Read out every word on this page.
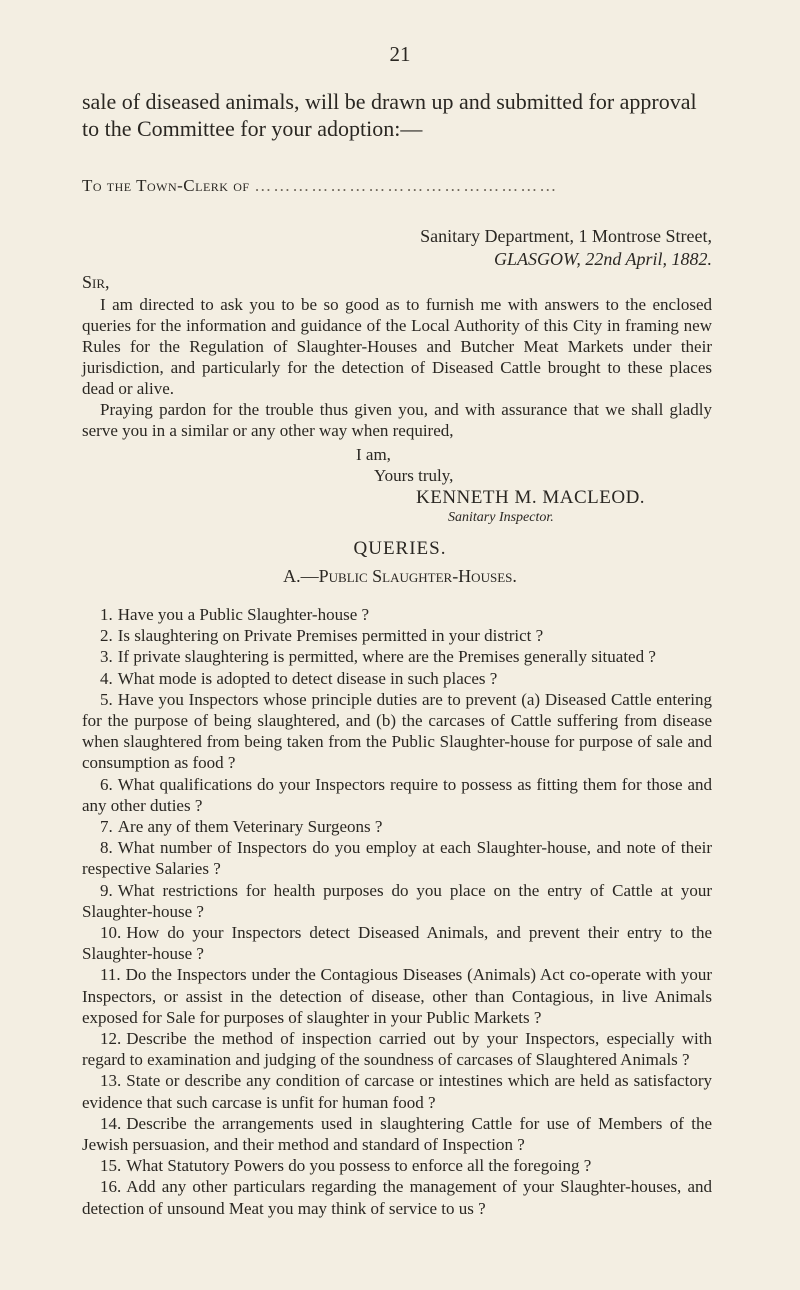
21
sale of diseased animals, will be drawn up and submitted for approval to the Committee for your adoption:—
To the Town-Clerk of …………………………………………
Sanitary Department, 1 Montrose Street,
GLASGOW, 22nd April, 1882.
Sir,

I am directed to ask you to be so good as to furnish me with answers to the enclosed queries for the information and guidance of the Local Authority of this City in framing new Rules for the Regulation of Slaughter-Houses and Butcher Meat Markets under their jurisdiction, and particularly for the detection of Diseased Cattle brought to these places dead or alive.

Praying pardon for the trouble thus given you, and with assurance that we shall gladly serve you in a similar or any other way when required,

I am,
Yours truly,
KENNETH M. MACLEOD.
Sanitary Inspector.
QUERIES.
A.—Public Slaughter-Houses.
1. Have you a Public Slaughter-house ?
2. Is slaughtering on Private Premises permitted in your district ?
3. If private slaughtering is permitted, where are the Premises generally situated ?
4. What mode is adopted to detect disease in such places ?
5. Have you Inspectors whose principle duties are to prevent (a) Diseased Cattle entering for the purpose of being slaughtered, and (b) the carcases of Cattle suffering from disease when slaughtered from being taken from the Public Slaughter-house for purpose of sale and consumption as food ?
6. What qualifications do your Inspectors require to possess as fitting them for those and any other duties ?
7. Are any of them Veterinary Surgeons ?
8. What number of Inspectors do you employ at each Slaughter-house, and note of their respective Salaries ?
9. What restrictions for health purposes do you place on the entry of Cattle at your Slaughter-house ?
10. How do your Inspectors detect Diseased Animals, and prevent their entry to the Slaughter-house ?
11. Do the Inspectors under the Contagious Diseases (Animals) Act co-operate with your Inspectors, or assist in the detection of disease, other than Contagious, in live Animals exposed for Sale for purposes of slaughter in your Public Markets ?
12. Describe the method of inspection carried out by your Inspectors, especially with regard to examination and judging of the soundness of carcases of Slaughtered Animals ?
13. State or describe any condition of carcase or intestines which are held as satisfactory evidence that such carcase is unfit for human food ?
14. Describe the arrangements used in slaughtering Cattle for use of Members of the Jewish persuasion, and their method and standard of Inspection ?
15. What Statutory Powers do you possess to enforce all the foregoing ?
16. Add any other particulars regarding the management of your Slaughter-houses, and detection of unsound Meat you may think of service to us ?
